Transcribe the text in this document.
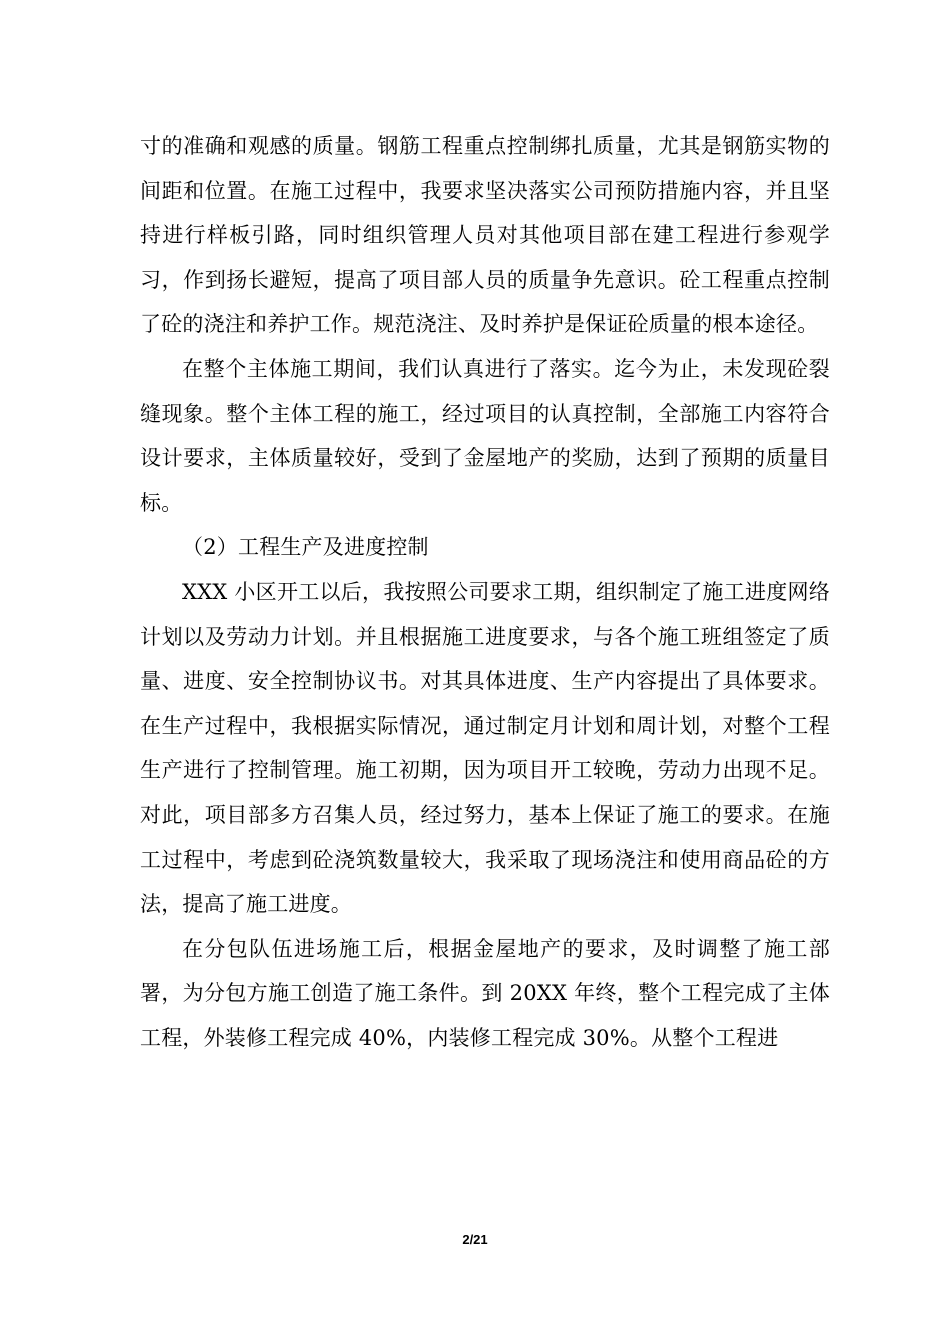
寸的准确和观感的质量。钢筋工程重点控制绑扎质量，尤其是钢筋实物的间距和位置。在施工过程中，我要求坚决落实公司预防措施内容，并且坚持进行样板引路，同时组织管理人员对其他项目部在建工程进行参观学习，作到扬长避短，提高了项目部人员的质量争先意识。砼工程重点控制了砼的浇注和养护工作。规范浇注、及时养护是保证砼质量的根本途径。

在整个主体施工期间，我们认真进行了落实。迄今为止，未发现砼裂缝现象。整个主体工程的施工，经过项目的认真控制，全部施工内容符合设计要求，主体质量较好，受到了金屋地产的奖励，达到了预期的质量目标。

（2）工程生产及进度控制

XXX 小区开工以后，我按照公司要求工期，组织制定了施工进度网络计划以及劳动力计划。并且根据施工进度要求，与各个施工班组签定了质量、进度、安全控制协议书。对其具体进度、生产内容提出了具体要求。在生产过程中，我根据实际情况，通过制定月计划和周计划，对整个工程生产进行了控制管理。施工初期，因为项目开工较晚，劳动力出现不足。对此，项目部多方召集人员，经过努力，基本上保证了施工的要求。在施工过程中，考虑到砼浇筑数量较大，我采取了现场浇注和使用商品砼的方法，提高了施工进度。

在分包队伍进场施工后，根据金屋地产的要求，及时调整了施工部署，为分包方施工创造了施工条件。到 20XX 年终，整个工程完成了主体工程，外装修工程完成 40%，内装修工程完成 30%。从整个工程进

2/21
